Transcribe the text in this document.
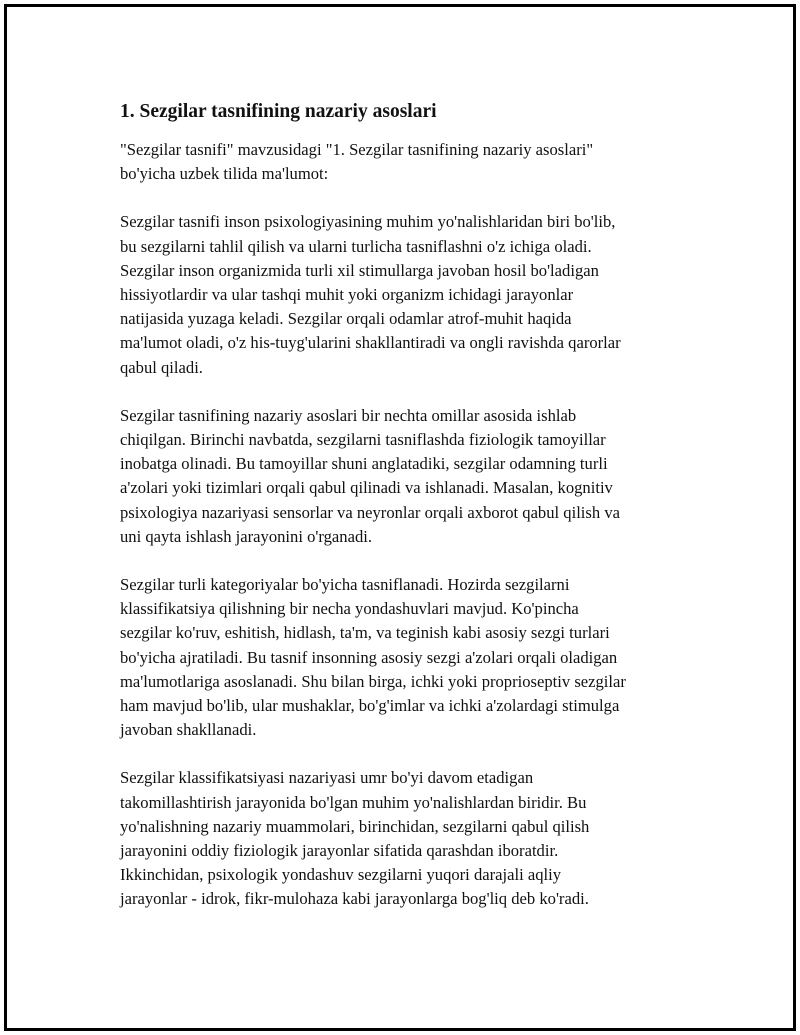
1. Sezgilar tasnifining nazariy asoslari

"Sezgilar tasnifi" mavzusidagi "1. Sezgilar tasnifining nazariy asoslari"
bo'yicha uzbek tilida ma'lumot:

Sezgilar tasnifi inson psixologiyasining muhim yo'nalishlaridan biri bo'lib,
bu sezgilarni tahlil qilish va ularni turlicha tasniflashni o'z ichiga oladi.
Sezgilar inson organizmida turli xil stimullarga javoban hosil bo'ladigan
hissiyotlardir va ular tashqi muhit yoki organizm ichidagi jarayonlar
natijasida yuzaga keladi. Sezgilar orqali odamlar atrof-muhit haqida
ma'lumot oladi, o'z his-tuyg'ularini shakllantiradi va ongli ravishda qarorlar
qabul qiladi.

Sezgilar tasnifining nazariy asoslari bir nechta omillar asosida ishlab
chiqilgan. Birinchi navbatda, sezgilarni tasniflashda fiziologik tamoyillar
inobatga olinadi. Bu tamoyillar shuni anglatadiki, sezgilar odamning turli
a'zolari yoki tizimlari orqali qabul qilinadi va ishlanadi. Masalan, kognitiv
psixologiya nazariyasi sensorlar va neyronlar orqali axborot qabul qilish va
uni qayta ishlash jarayonini o'rganadi.

Sezgilar turli kategoriyalar bo'yicha tasniflanadi. Hozirda sezgilarni
klassifikatsiya qilishning bir necha yondashuvlari mavjud. Ko'pincha
sezgilar ko'ruv, eshitish, hidlash, ta'm, va teginish kabi asosiy sezgi turlari
bo'yicha ajratiladi. Bu tasnif insonning asosiy sezgi a'zolari orqali oladigan
ma'lumotlariga asoslanadi. Shu bilan birga, ichki yoki proprioseptiv sezgilar
ham mavjud bo'lib, ular mushaklar, bo'g'imlar va ichki a'zolardagi stimulga
javoban shakllanadi.

Sezgilar klassifikatsiyasi nazariyasi umr bo'yi davom etadigan
takomillashtirish jarayonida bo'lgan muhim yo'nalishlardan biridir. Bu
yo'nalishning nazariy muammolari, birinchidan, sezgilarni qabul qilish
jarayonini oddiy fiziologik jarayonlar sifatida qarashdan iboratdir.
Ikkinchidan, psixologik yondashuv sezgilarni yuqori darajali aqliy
jarayonlar - idrok, fikr-mulohaza kabi jarayonlarga bog'liq deb ko'radi.
